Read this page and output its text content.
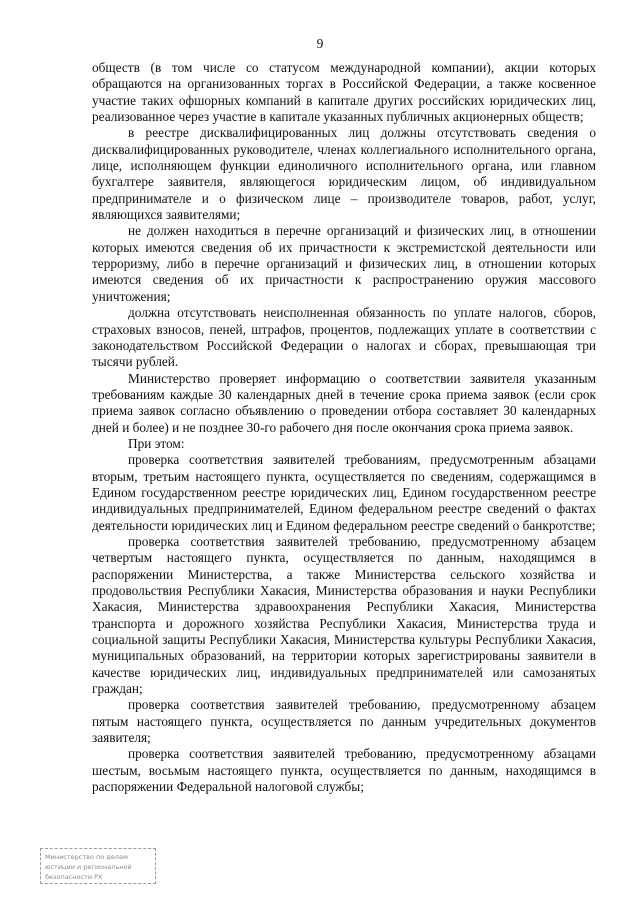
9

обществ (в том числе со статусом международной компании), акции которых обращаются на организованных торгах в Российской Федерации, а также косвенное участие таких офшорных компаний в капитале других российских юридических лиц, реализованное через участие в капитале указанных публичных акционерных обществ;

в реестре дисквалифицированных лиц должны отсутствовать сведения о дисквалифицированных руководителе, членах коллегиального исполнительного органа, лице, исполняющем функции единоличного исполнительного органа, или главном бухгалтере заявителя, являющегося юридическим лицом, об индивидуальном предпринимателе и о физическом лице – производителе товаров, работ, услуг, являющихся заявителями;

не должен находиться в перечне организаций и физических лиц, в отношении которых имеются сведения об их причастности к экстремистской деятельности или терроризму, либо в перечне организаций и физических лиц, в отношении которых имеются сведения об их причастности к распространению оружия массового уничтожения;

должна отсутствовать неисполненная обязанность по уплате налогов, сборов, страховых взносов, пеней, штрафов, процентов, подлежащих уплате в соответствии с законодательством Российской Федерации о налогах и сборах, превышающая три тысячи рублей.

Министерство проверяет информацию о соответствии заявителя указанным требованиям каждые 30 календарных дней в течение срока приема заявок (если срок приема заявок согласно объявлению о проведении отбора составляет 30 календарных дней и более) и не позднее 30-го рабочего дня после окончания срока приема заявок.

При этом:

проверка соответствия заявителей требованиям, предусмотренным абзацами вторым, третьим настоящего пункта, осуществляется по сведениям, содержащимся в Едином государственном реестре юридических лиц, Едином государственном реестре индивидуальных предпринимателей, Едином федеральном реестре сведений о фактах деятельности юридических лиц и Едином федеральном реестре сведений о банкротстве;

проверка соответствия заявителей требованию, предусмотренному абзацем четвертым настоящего пункта, осуществляется по данным, находящимся в распоряжении Министерства, а также Министерства сельского хозяйства и продовольствия Республики Хакасия, Министерства образования и науки Республики Хакасия, Министерства здравоохранения Республики Хакасия, Министерства транспорта и дорожного хозяйства Республики Хакасия, Министерства труда и социальной защиты Республики Хакасия, Министерства культуры Республики Хакасия, муниципальных образований, на территории которых зарегистрированы заявители в качестве юридических лиц, индивидуальных предпринимателей или самозанятых граждан;

проверка соответствия заявителей требованию, предусмотренному абзацем пятым настоящего пункта, осуществляется по данным учредительных документов заявителя;

проверка соответствия заявителей требованию, предусмотренному абзацами шестым, восьмым настоящего пункта, осуществляется по данным, находящимся в распоряжении Федеральной налоговой службы;

Министерство по делам
юстиции и региональной
безопасности РХ
